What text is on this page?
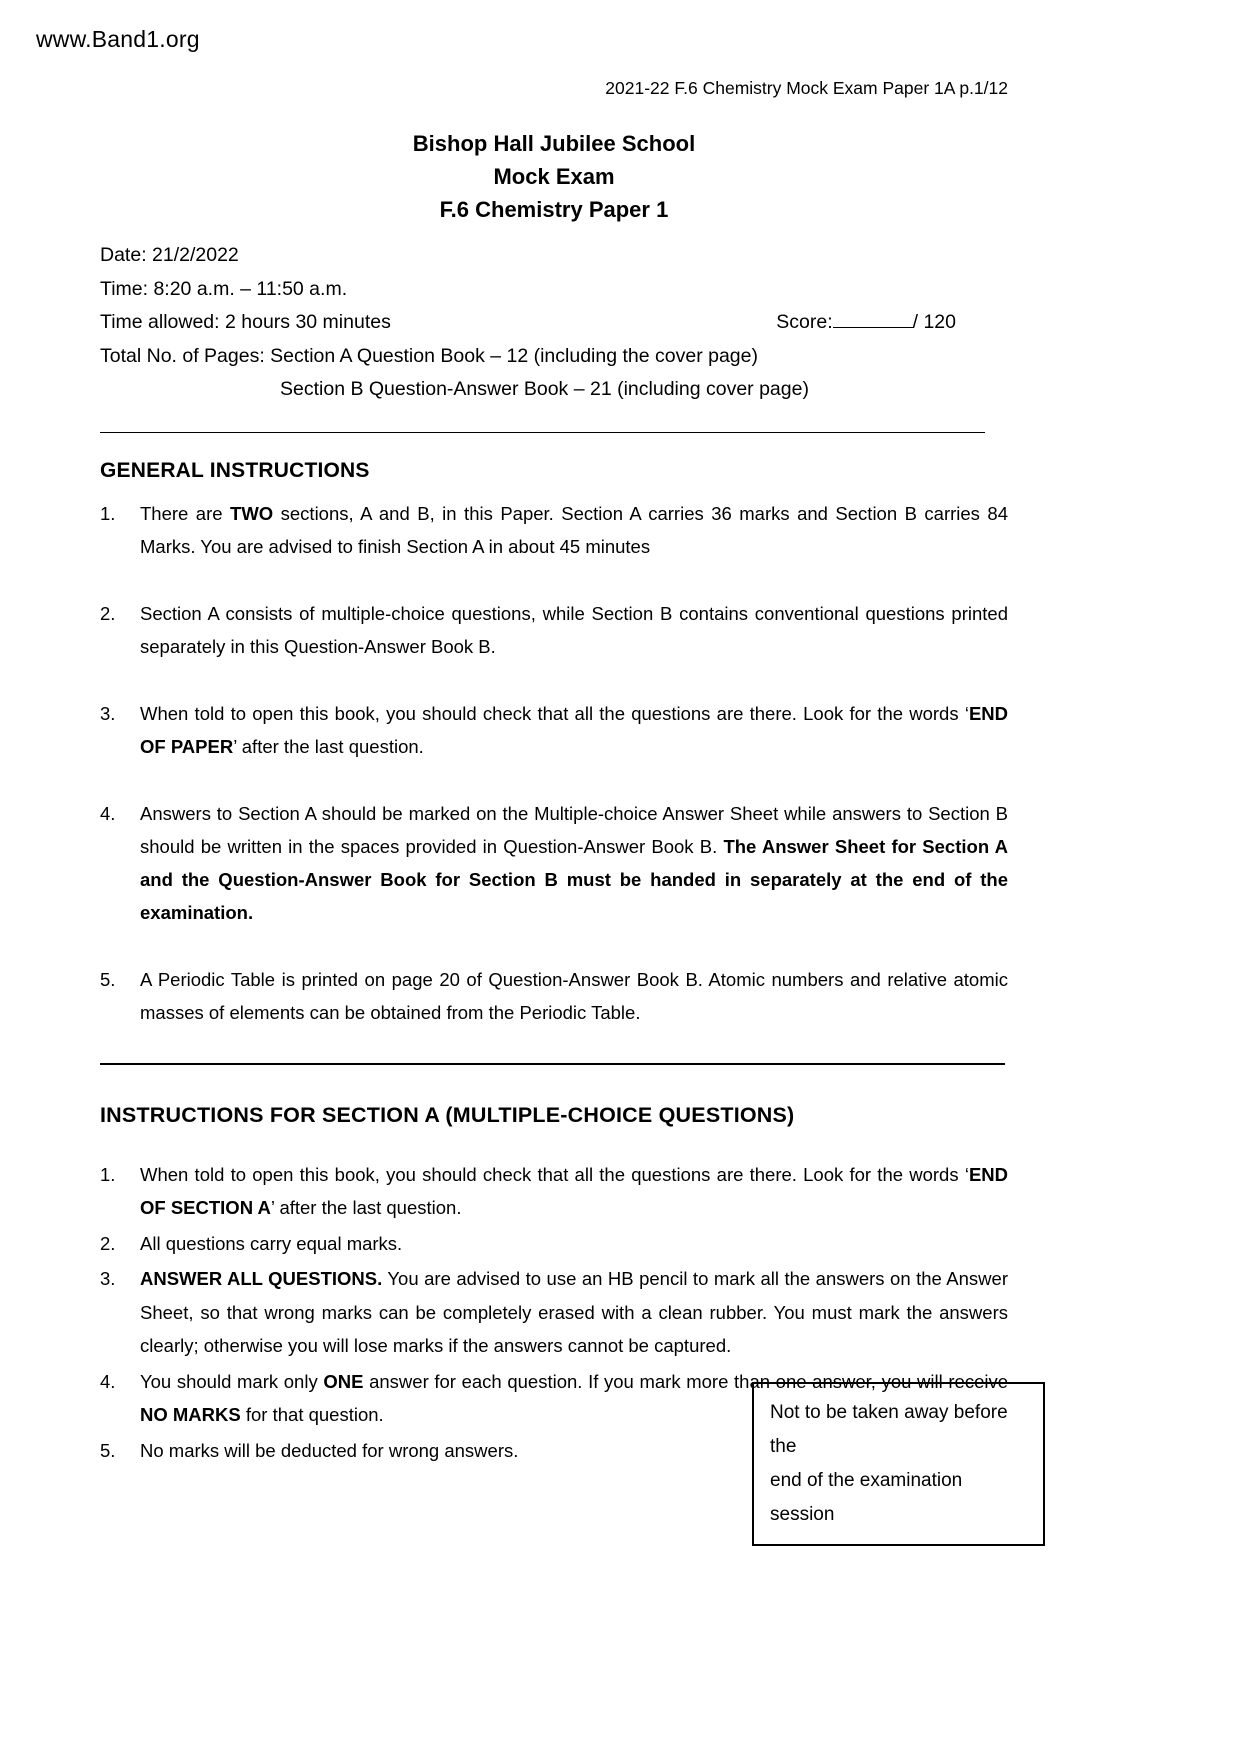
www.Band1.org
2021-22 F.6 Chemistry Mock Exam Paper 1A p.1/12
Bishop Hall Jubilee School
Mock Exam
F.6 Chemistry Paper 1
Date: 21/2/2022
Time: 8:20 a.m. – 11:50 a.m.
Time allowed: 2 hours 30 minutes	Score:	/ 120
Total No. of Pages: Section A Question Book – 12 (including the cover page)
Section B Question-Answer Book – 21 (including cover page)
GENERAL INSTRUCTIONS
1.	There are TWO sections, A and B, in this Paper. Section A carries 36 marks and Section B carries 84 Marks. You are advised to finish Section A in about 45 minutes
2.	Section A consists of multiple-choice questions, while Section B contains conventional questions printed separately in this Question-Answer Book B.
3.	When told to open this book, you should check that all the questions are there. Look for the words ‘END OF PAPER’ after the last question.
4.	Answers to Section A should be marked on the Multiple-choice Answer Sheet while answers to Section B should be written in the spaces provided in Question-Answer Book B. The Answer Sheet for Section A and the Question-Answer Book for Section B must be handed in separately at the end of the examination.
5.	A Periodic Table is printed on page 20 of Question-Answer Book B. Atomic numbers and relative atomic masses of elements can be obtained from the Periodic Table.
INSTRUCTIONS FOR SECTION A (MULTIPLE-CHOICE QUESTIONS)
1.	When told to open this book, you should check that all the questions are there. Look for the words ‘END OF SECTION A’ after the last question.
2.	All questions carry equal marks.
3.	ANSWER ALL QUESTIONS. You are advised to use an HB pencil to mark all the answers on the Answer Sheet, so that wrong marks can be completely erased with a clean rubber. You must mark the answers clearly; otherwise you will lose marks if the answers cannot be captured.
4.	You should mark only ONE answer for each question. If you mark more than one answer, you will receive NO MARKS for that question.
5.	No marks will be deducted for wrong answers.
Not to be taken away before the
end of the examination session
